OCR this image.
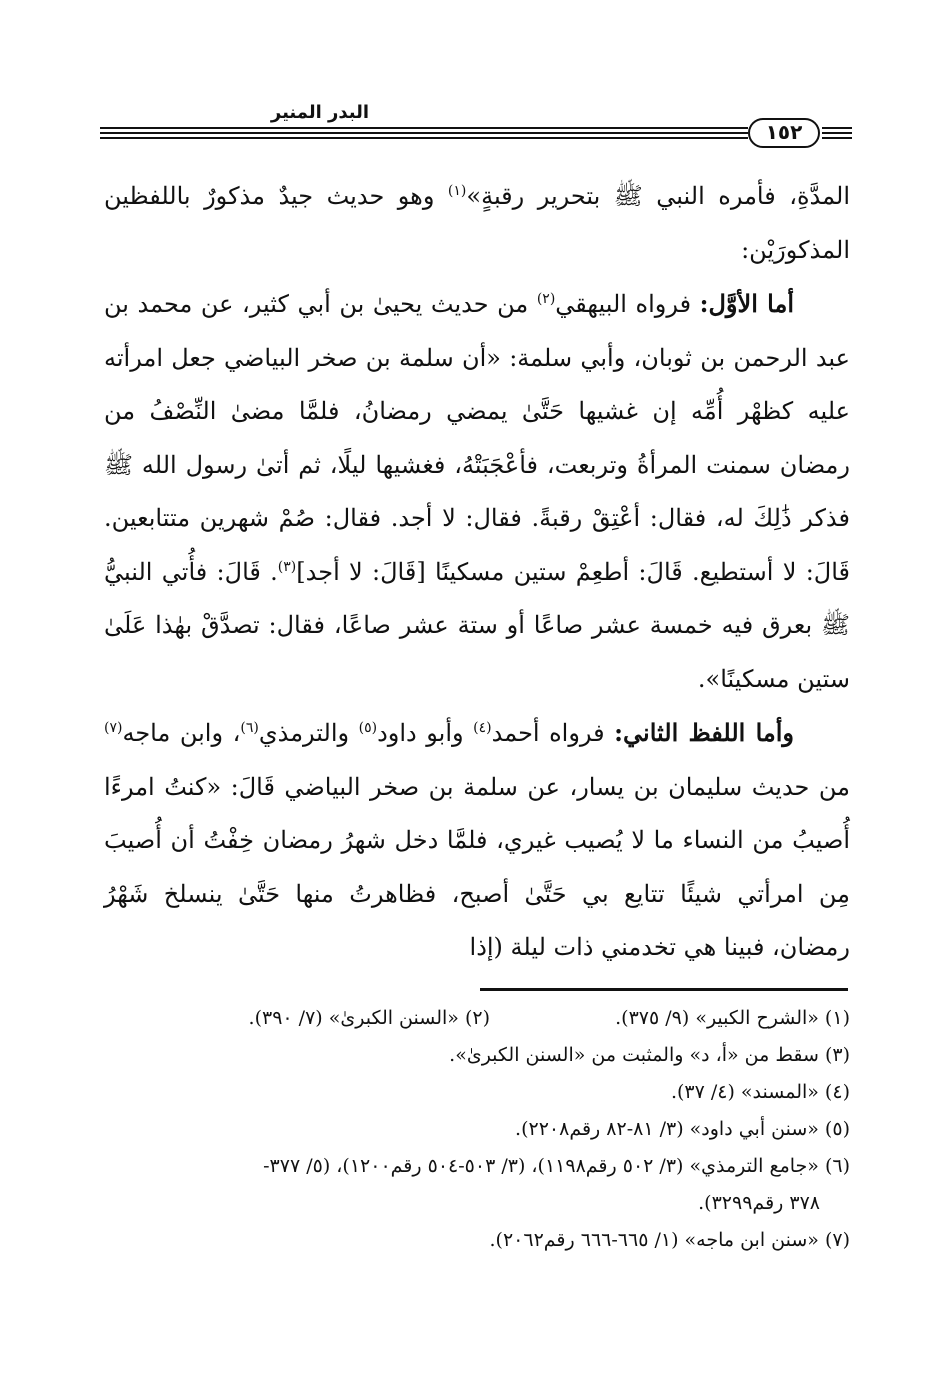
البدر المنير
١٥٢

المدَّةِ، فأمره النبي ﷺ بتحرير رقبةٍ»$^{(١)}$ وهو حديث جيدٌ مذكورٌ باللفظين المذكورَيْن:

أما الأوَّل: فرواه البيهقي$^{(٢)}$ من حديث يحيىٰ بن أبي كثير، عن محمد بن عبد الرحمن بن ثوبان، وأبي سلمة: «أن سلمة بن صخر البياضي جعل امرأته عليه كظهْر أُمِّه إن غشيها حَتَّىٰ يمضي رمضانُ، فلمَّا مضىٰ النِّصْفُ من رمضان سمنت المرأةُ وتربعت، فأعْجَبَتْهُ، فغشيها ليلًا، ثم أتىٰ رسول الله ﷺ فذكر ذَٰلِكَ له، فقال: أعْتِقْ رقبةً. فقال: لا أجد. فقال: صُمْ شهرين متتابعين. قَالَ: لا أستطيع. قَالَ: أطعِمْ ستين مسكينًا [قَالَ: لا أجد]$^{(٣)}$. قَالَ: فأُتي النبيُّ ﷺ بعرق فيه خمسة عشر صاعًا أو ستة عشر صاعًا، فقال: تصدَّقْ بهٰذا عَلَىٰ ستين مسكينًا».

وأما اللفظ الثاني: فرواه أحمد$^{(٤)}$ وأبو داود$^{(٥)}$ والترمذي$^{(٦)}$، وابن ماجه$^{(٧)}$ من حديث سليمان بن يسار، عن سلمة بن صخر البياضي قَالَ: «كنتُ امرءًا أُصيبُ من النساء ما لا يُصيب غيري، فلمَّا دخل شهرُ رمضان خِفْتُ أن أُصيبَ مِن امرأتي شيئًا تتايع بي حَتَّىٰ أصبح، فظاهرتُ منها حَتَّىٰ ينسلخ شَهْرُ رمضان، فبينا هي تخدمني ذات ليلة (إذا

(١) «الشرح الكبير» (٩/ ٣٧٥).
(٢) «السنن الكبرىٰ» (٧/ ٣٩٠).
(٣) سقط من «أ، د» والمثبت من «السنن الكبرىٰ».
(٤) «المسند» (٤/ ٣٧).
(٥) «سنن أبي داود» (٣/ ٨١-٨٢ رقم٢٢٠٨).
(٦) «جامع الترمذي» (٣/ ٥٠٢ رقم١١٩٨)، (٣/ ٥٠٣-٥٠٤ رقم١٢٠٠)، (٥/ ٣٧٧-
٣٧٨ رقم٣٢٩٩).
(٧) «سنن ابن ماجه» (١/ ٦٦٥-٦٦٦ رقم٢٠٦٢).
